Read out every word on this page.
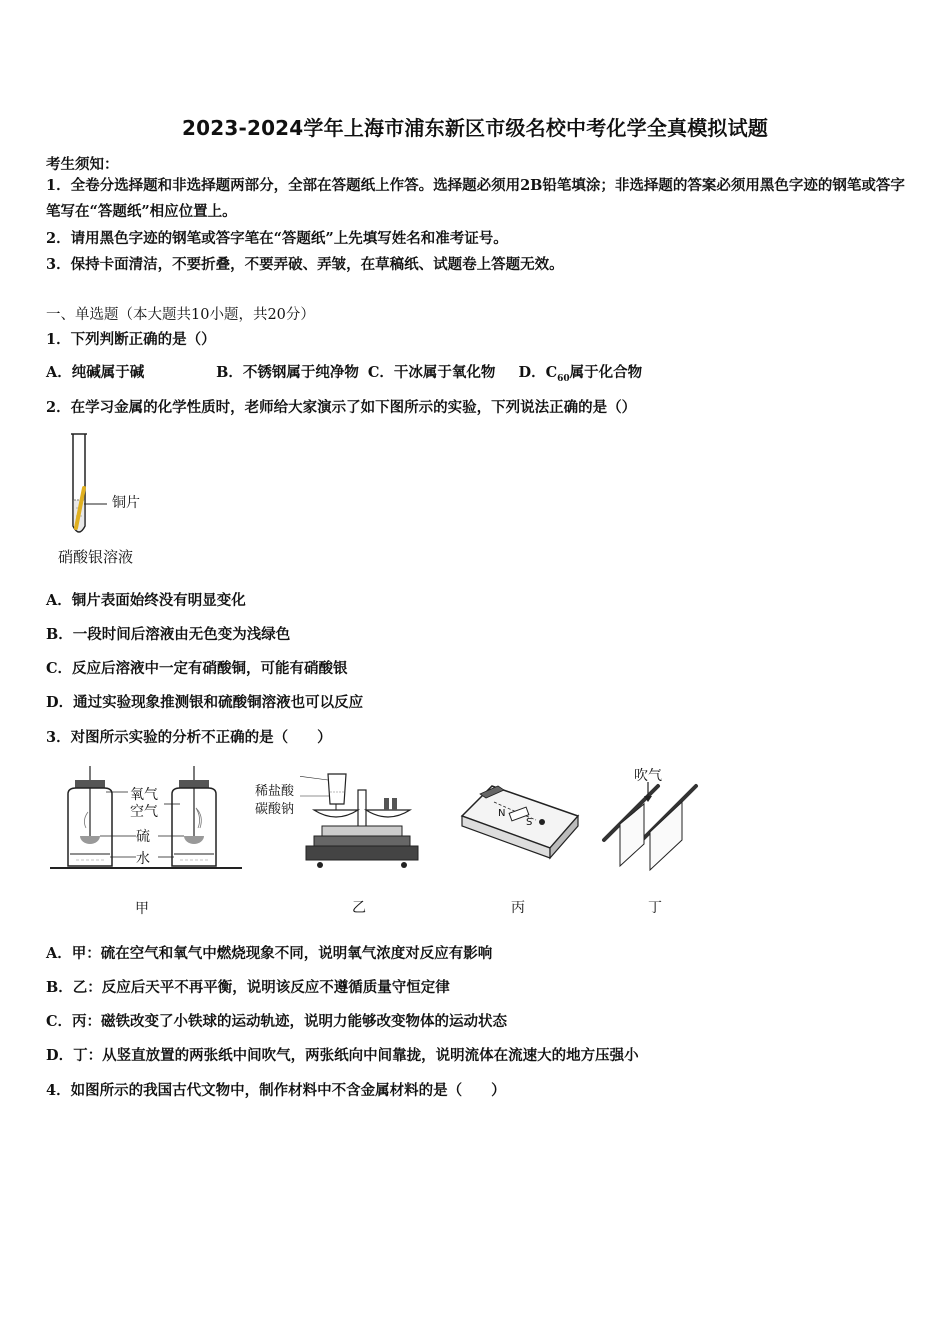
2023-2024学年上海市浦东新区市级名校中考化学全真模拟试题
考生须知：
1．全卷分选择题和非选择题两部分，全部在答题纸上作答。选择题必须用2B铅笔填涂；非选择题的答案必须用黑色字迹的钢笔或答字笔写在“答题纸”相应位置上。
2．请用黑色字迹的钢笔或答字笔在“答题纸”上先填写姓名和准考证号。
3．保持卡面清洁，不要折叠，不要弄破、弄皱，在草稿纸、试题卷上答题无效。
一、单选题（本大题共10小题，共20分）
1．下列判断正确的是（）
A．纯碱属于碱	B．不锈钢属于纯净物 C．干冰属于氧化物 D．$C_{60}$属于化合物
2．在学习金属的化学性质时，老师给大家演示了如下图所示的实验，下列说法正确的是（）
铜片
硝酸银溶液
A．铜片表面始终没有明显变化
B．一段时间后溶液由无色变为浅绿色
C．反应后溶液中一定有硝酸铜，可能有硝酸银
D．通过实验现象推测银和硫酸铜溶液也可以反应
3．对图所示实验的分析不正确的是（　　）
氧气
空气
硫
水
甲
稀盐酸
碳酸钠
乙
N
S
丙
吹气
丁
A．甲：硫在空气和氧气中燃烧现象不同，说明氧气浓度对反应有影响
B．乙：反应后天平不再平衡，说明该反应不遵循质量守恒定律
C．丙：磁铁改变了小铁球的运动轨迹，说明力能够改变物体的运动状态
D．丁：从竖直放置的两张纸中间吹气，两张纸向中间靠拢，说明流体在流速大的地方压强小
4．如图所示的我国古代文物中，制作材料中不含金属材料的是（　　）
